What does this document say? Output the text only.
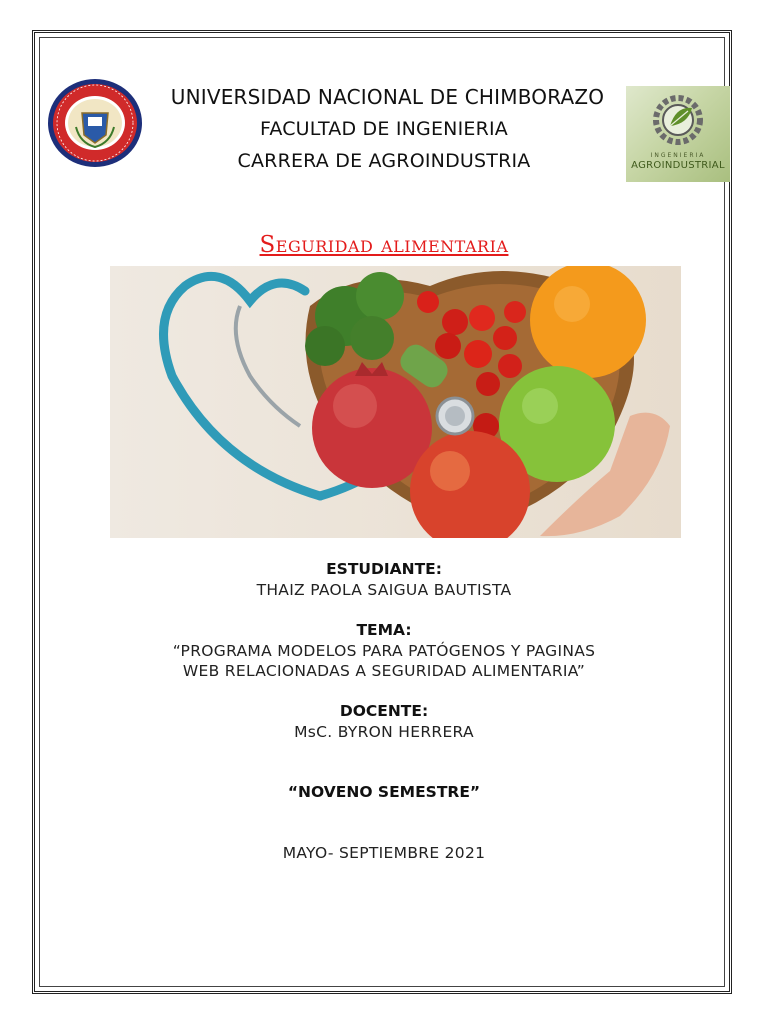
UNIVERSIDAD NACIONAL DE CHIMBORAZO
FACULTAD DE INGENIERIA
CARRERA DE AGROINDUSTRIA	INGENIERIA
AGROINDUSTRIAL
Seguridad alimentaria
ESTUDIANTE:
THAIZ PAOLA SAIGUA BAUTISTA
TEMA:
“PROGRAMA MODELOS PARA PATÓGENOS Y PAGINAS
WEB RELACIONADAS A SEGURIDAD ALIMENTARIA”
DOCENTE:
MsC. BYRON HERRERA
“NOVENO SEMESTRE”
MAYO- SEPTIEMBRE 2021
